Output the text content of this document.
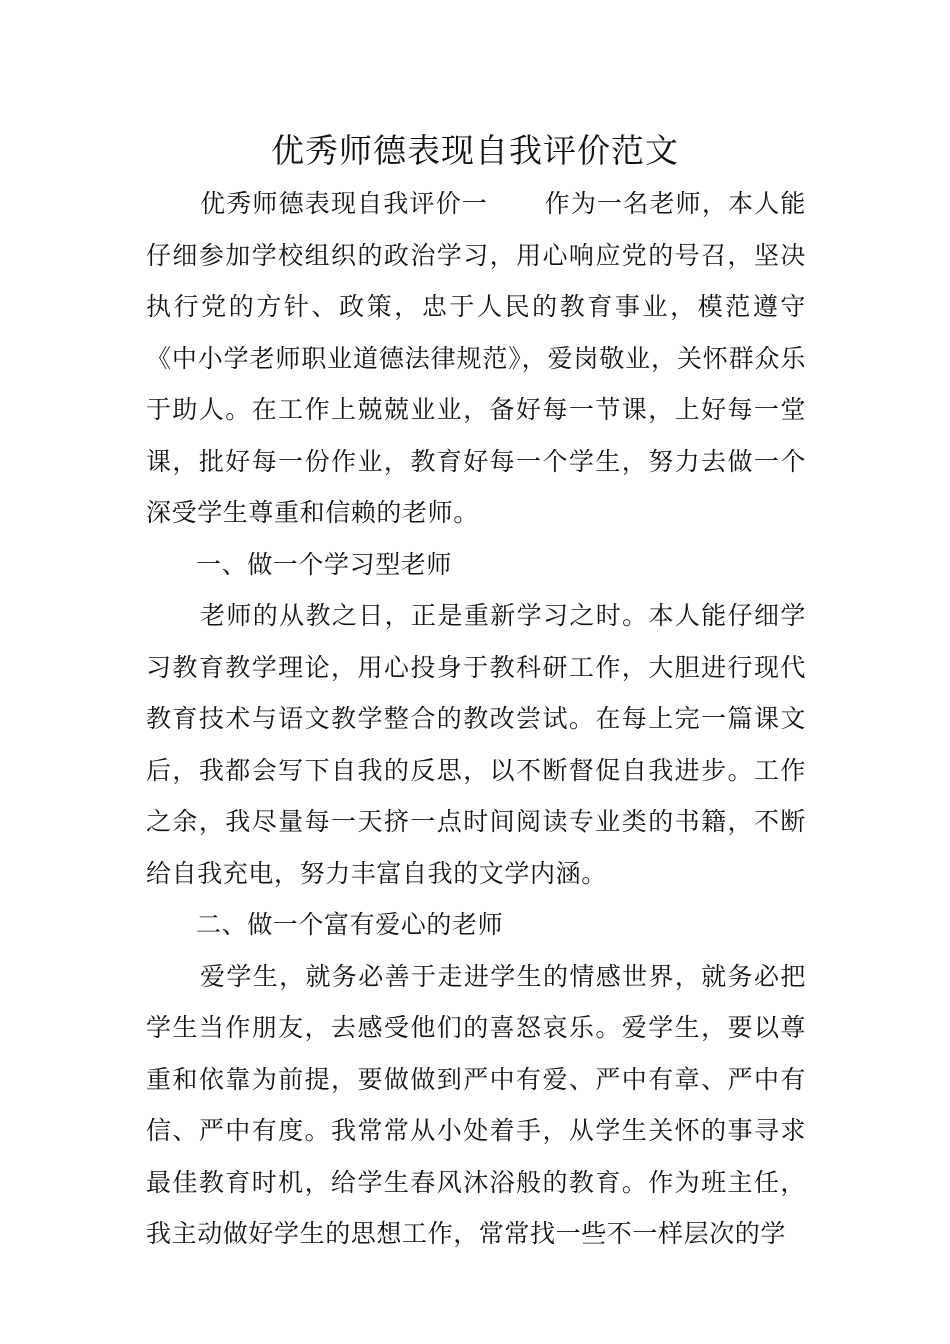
优秀师德表现自我评价范文

优秀师德表现自我评价一 作为一名老师，本人能仔细参加学校组织的政治学习，用心响应党的号召，坚决执行党的方针、政策，忠于人民的教育事业，模范遵守《中小学老师职业道德法律规范》，爱岗敬业，关怀群众乐于助人。在工作上兢兢业业，备好每一节课，上好每一堂课，批好每一份作业，教育好每一个学生，努力去做一个深受学生尊重和信赖的老师。

一、做一个学习型老师

老师的从教之日，正是重新学习之时。本人能仔细学习教育教学理论，用心投身于教科研工作，大胆进行现代教育技术与语文教学整合的教改尝试。在每上完一篇课文后，我都会写下自我的反思，以不断督促自我进步。工作之余，我尽量每一天挤一点时间阅读专业类的书籍，不断给自我充电，努力丰富自我的文学内涵。

二、做一个富有爱心的老师

爱学生，就务必善于走进学生的情感世界，就务必把学生当作朋友，去感受他们的喜怒哀乐。爱学生，要以尊重和依靠为前提，要做做到严中有爱、严中有章、严中有信、严中有度。我常常从小处着手，从学生关怀的事寻求最佳教育时机，给学生春风沐浴般的教育。作为班主任，我主动做好学生的思想工作，常常找一些不一样层次的学
